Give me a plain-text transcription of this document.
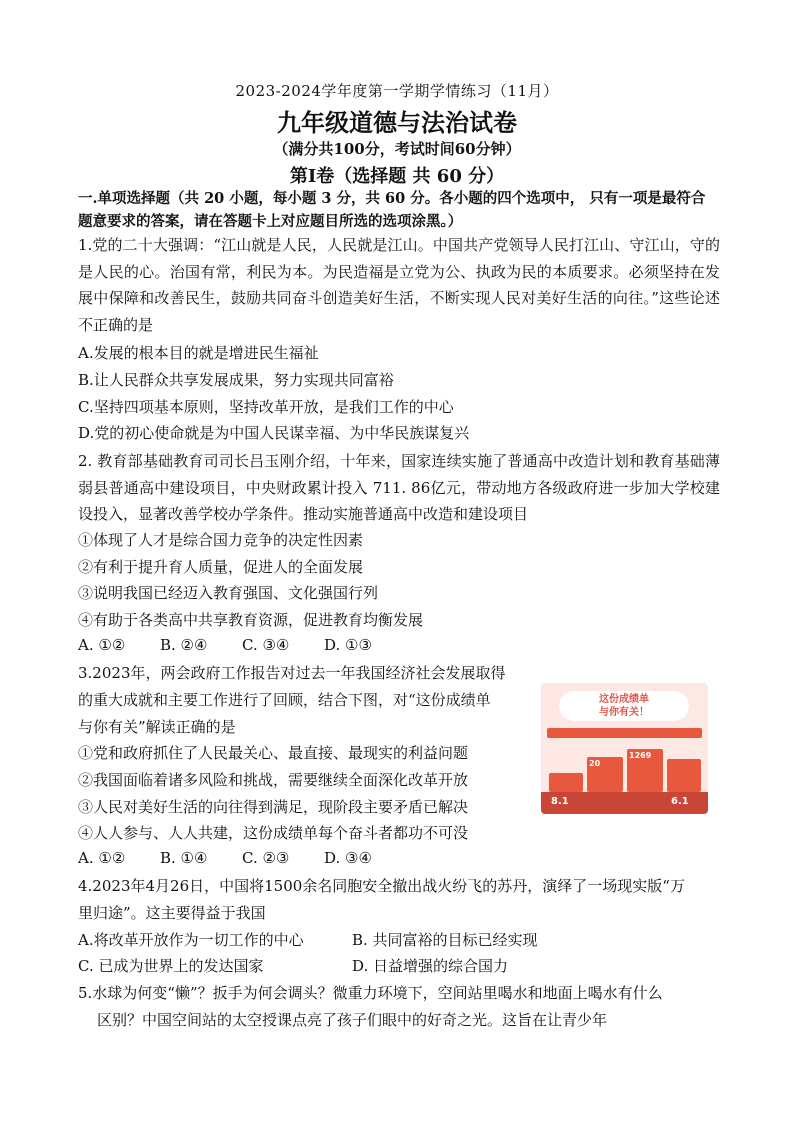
2023-2024学年度第一学期学情练习（11月）
九年级道德与法治试卷
（满分共100分，考试时间60分钟）
第Ⅰ卷（选择题 共 60 分）
一.单项选择题（共 20 小题，每小题 3 分，共 60 分。各小题的四个选项中， 只有一项是最符合题意要求的答案，请在答题卡上对应题目所选的选项涂黑。）
1.党的二十大强调：“江山就是人民，人民就是江山。中国共产党领导人民打江山、守江山，守的是人民的心。治国有常，利民为本。为民造福是立党为公、执政为民的本质要求。必须坚持在发展中保障和改善民生，鼓励共同奋斗创造美好生活，不断实现人民对美好生活的向往。”这些论述不正确的是
A.发展的根本目的就是增进民生福祉
B.让人民群众共享发展成果，努力实现共同富裕
C.坚持四项基本原则，坚持改革开放，是我们工作的中心
D.党的初心使命就是为中国人民谋幸福、为中华民族谋复兴
2. 教育部基础教育司司长吕玉刚介绍，十年来，国家连续实施了普通高中改造计划和教育基础薄弱县普通高中建设项目，中央财政累计投入 711. 86亿元，带动地方各级政府进一步加大学校建设投入，显著改善学校办学条件。推动实施普通高中改造和建设项目
①体现了人才是综合国力竞争的决定性因素
②有利于提升育人质量，促进人的全面发展
③说明我国已经迈入教育强国、文化强国行列
④有助于各类高中共享教育资源，促进教育均衡发展
A. ①② B. ②④ C. ③④ D. ①③
3.2023年，两会政府工作报告对过去一年我国经济社会发展取得
的重大成就和主要工作进行了回顾，结合下图，对“这份成绩单
与你有关”解读正确的是
①党和政府抓住了人民最关心、最直接、最现实的利益问题
②我国面临着诸多风险和挑战，需要继续全面深化改革开放
③人民对美好生活的向往得到满足，现阶段主要矛盾已解决
④人人参与、人人共建，这份成绩单每个奋斗者都功不可没
A. ①② B. ①④ C. ②③ D. ③④
这份成绩单
与你有关！
20
1269
8.1	6.1
4.2023年4月26日，中国将1500余名同胞安全撤出战火纷飞的苏丹，演绎了一场现实版“万
里归途”。这主要得益于我国
A.将改革开放作为一切工作的中心	B. 共同富裕的目标已经实现
C. 已成为世界上的发达国家	D. 日益增强的综合国力
5.水球为何变“懒”？扳手为何会调头？微重力环境下，空间站里喝水和地面上喝水有什么
区别？中国空间站的太空授课点亮了孩子们眼中的好奇之光。这旨在让青少年
